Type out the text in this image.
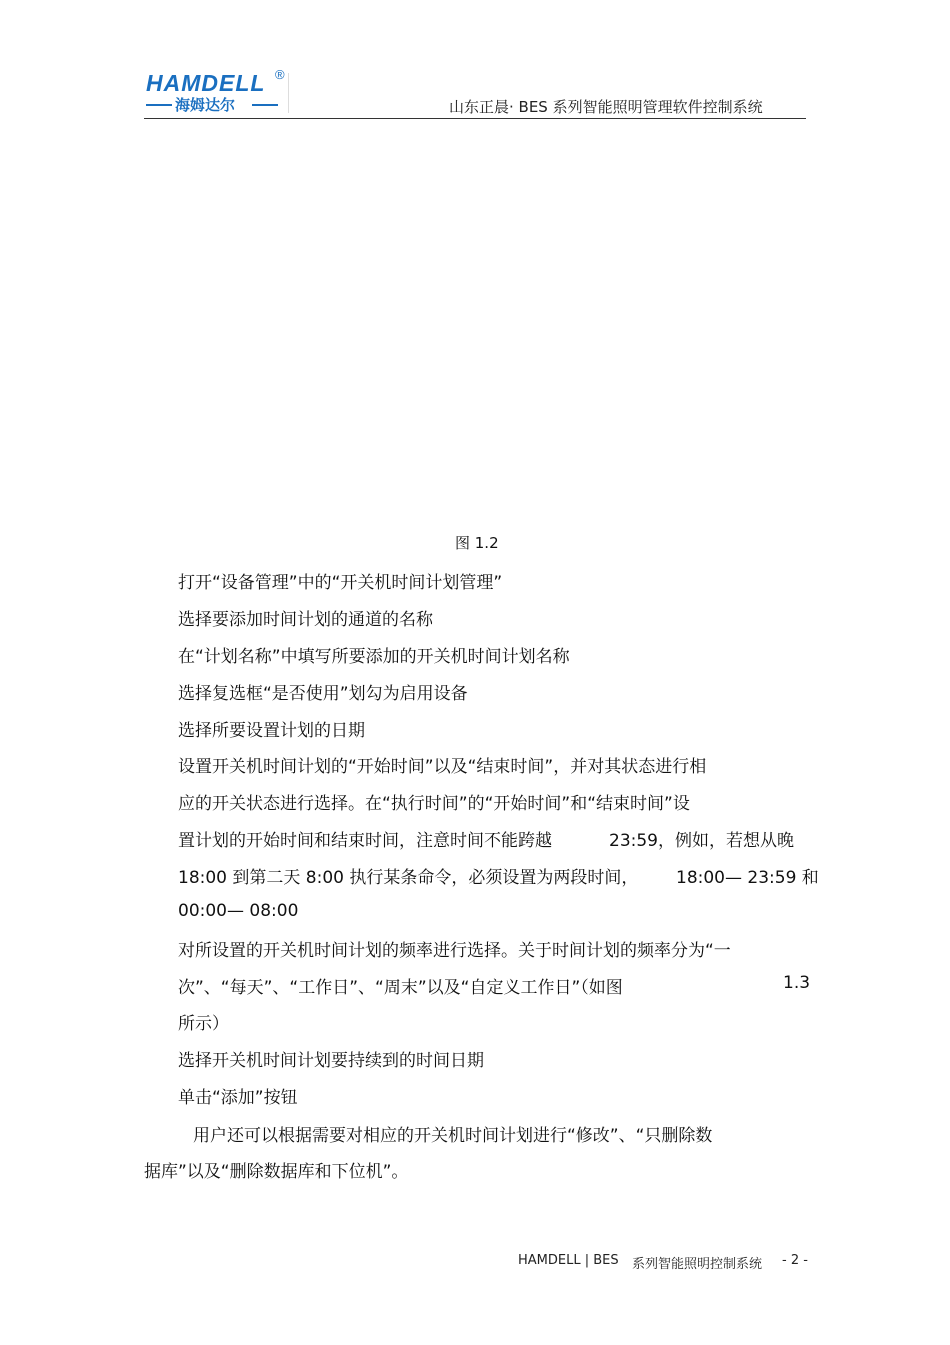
HAMDELL ®
海姆达尔	山东正晨· BES 系列智能照明管理软件控制系统
图 1.2
打开“设备管理”中的“开关机时间计划管理”
选择要添加时间计划的通道的名称
在“计划名称”中填写所要添加的开关机时间计划名称
选择复选框“是否使用”划勾为启用设备
选择所要设置计划的日期
设置开关机时间计划的“开始时间”以及“结束时间”，并对其状态进行相
应的开关状态进行选择。在“执行时间”的“开始时间”和“结束时间”设
置计划的开始时间和结束时间，注意时间不能跨越	23:59，例如，若想从晚
18:00 到第二天 8:00 执行某条命令，必须设置为两段时间， 18:00— 23:59 和
00:00— 08:00
对所设置的开关机时间计划的频率进行选择。关于时间计划的频率分为“一
次”、“每天”、“工作日”、“周末”以及“自定义工作日”（如图	1.3
所示）
选择开关机时间计划要持续到的时间日期
单击“添加”按钮
用户还可以根据需要对相应的开关机时间计划进行“修改”、“只删除数
据库”以及“删除数据库和下位机”。
HAMDELL | BES 系列智能照明控制系统 - 2 -
